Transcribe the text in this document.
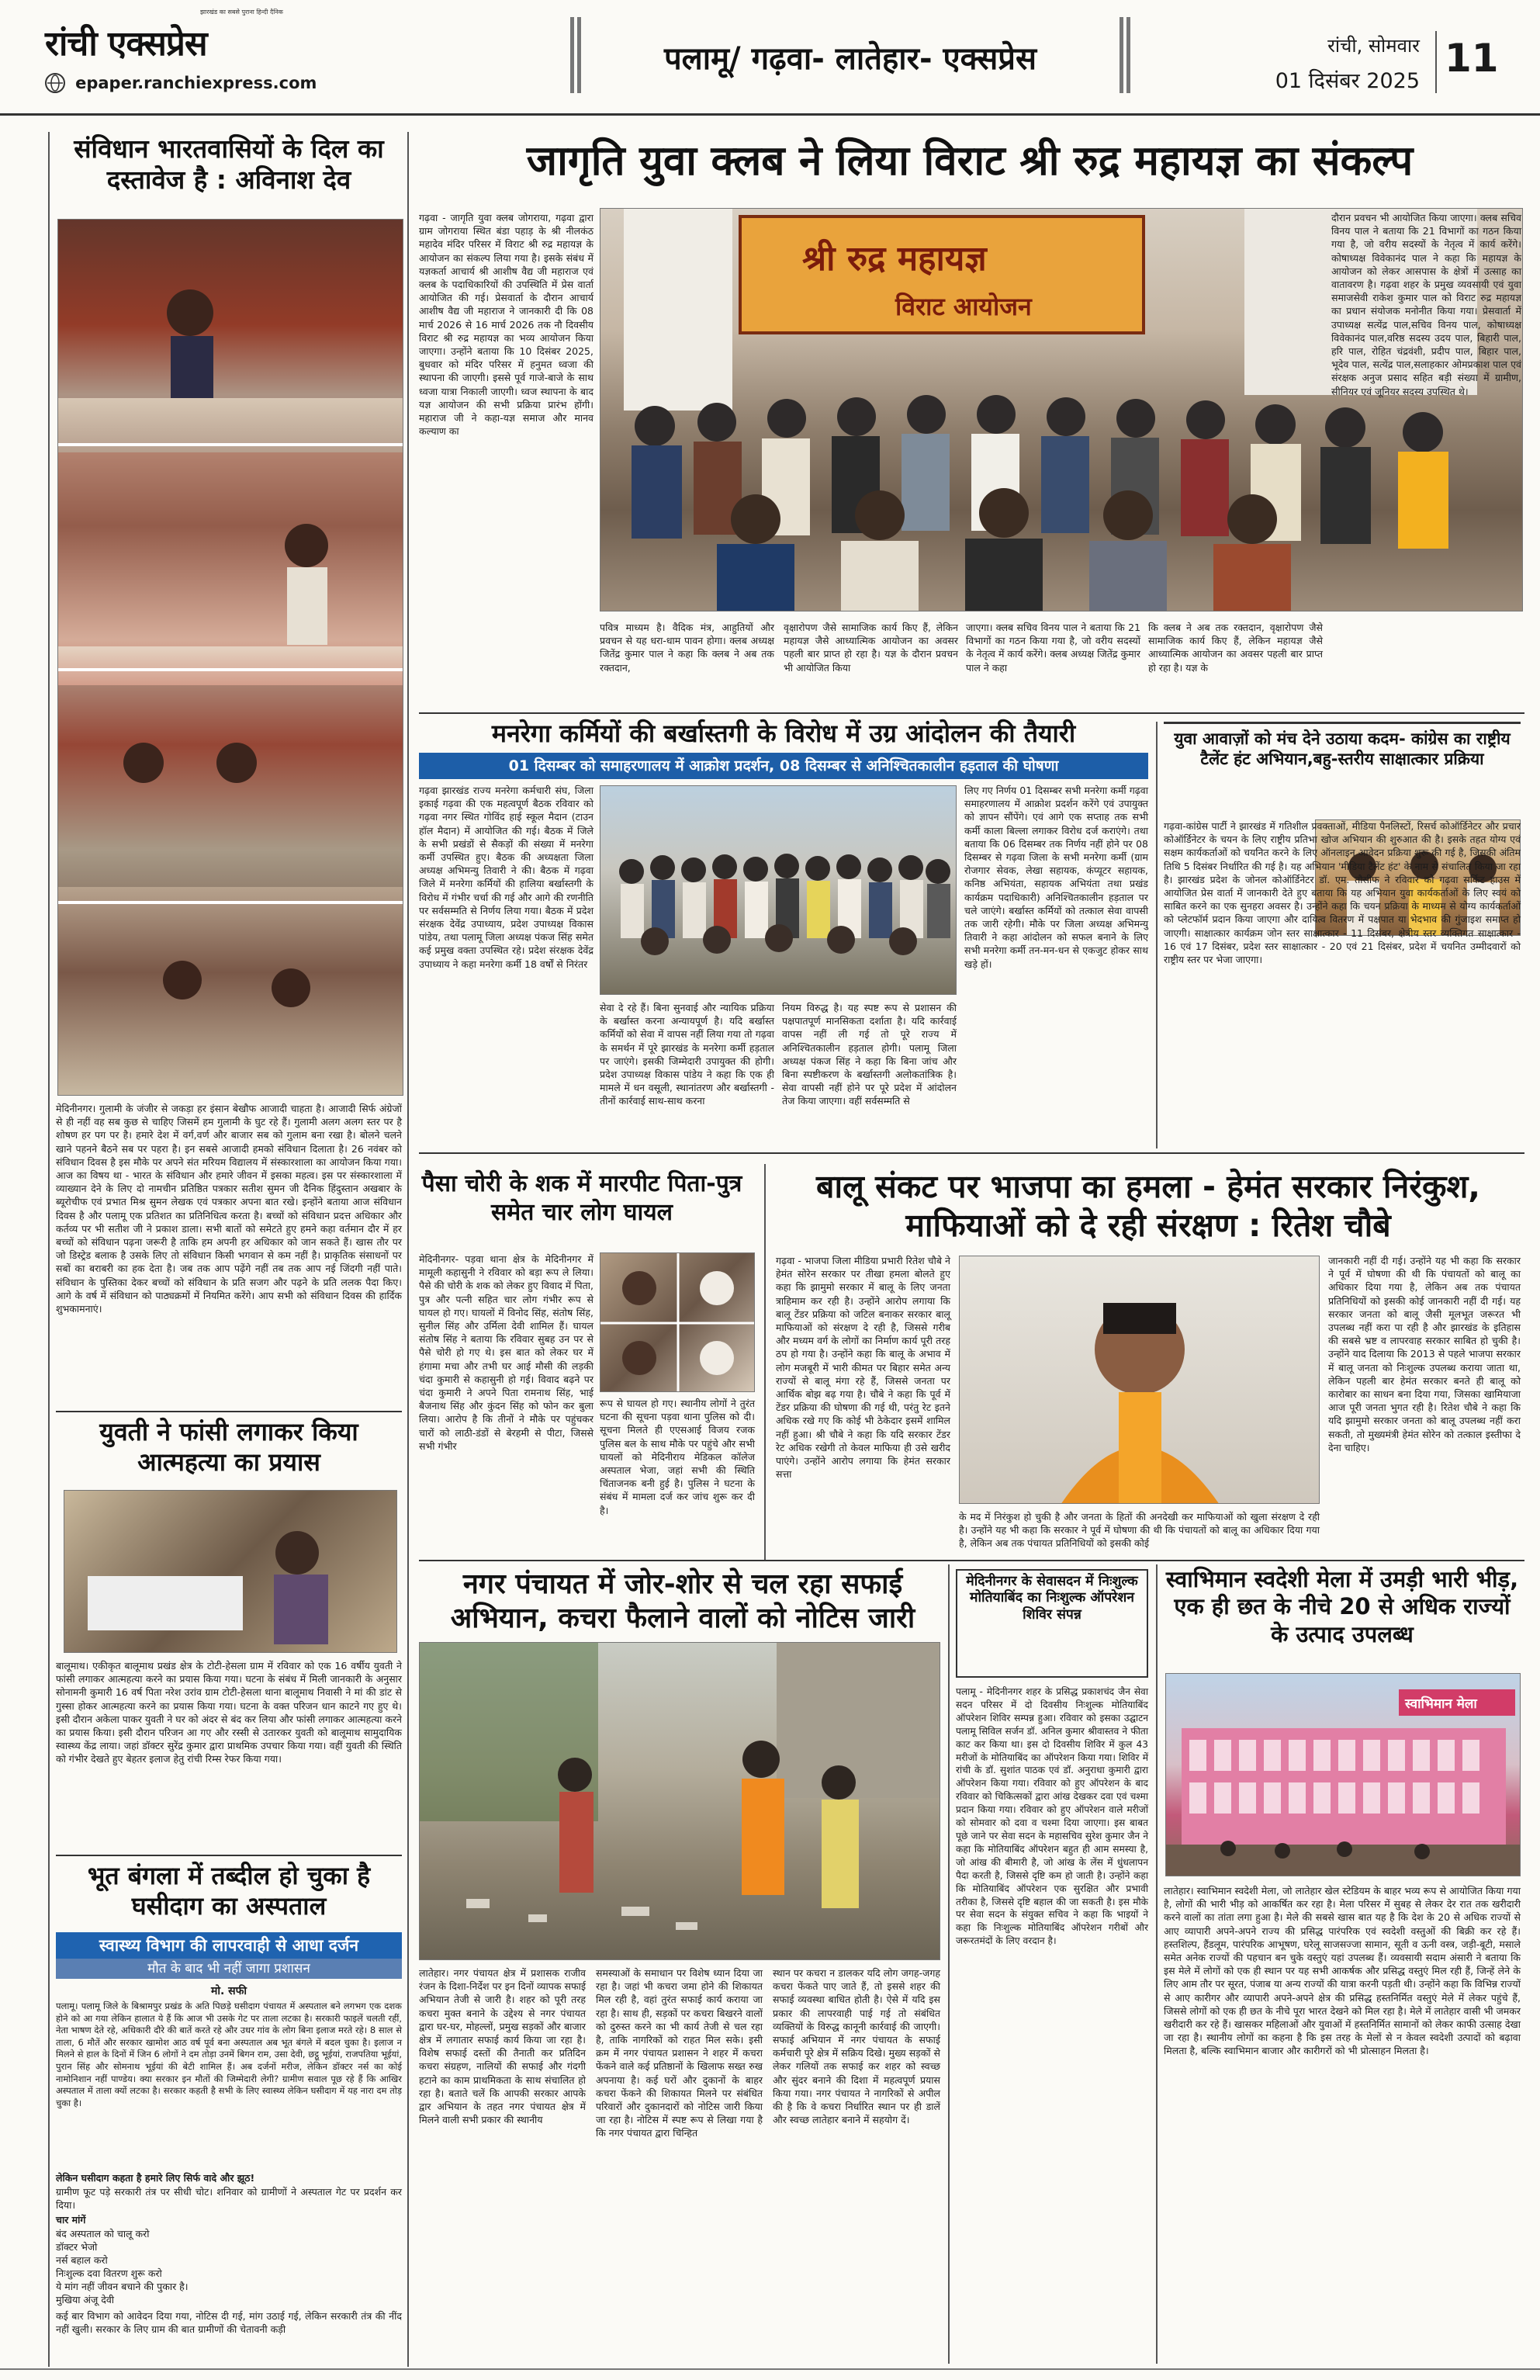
रांची एक्सप्रेस
झारखंड का सबसे पुराना हिन्दी दैनिक
epaper.ranchiexpress.com
पलामू/ गढ़वा- लातेहार- एक्सप्रेस	रांची, सोमवार
01 दिसंबर 2025
11
संविधान भारतवासियों के दिल का दस्तावेज है : अविनाश देव

मेदिनीनगर। गुलामी के जंजीर से जकड़ा हर इंसान बेखौफ आजादी चाहता है। आजादी सिर्फ अंग्रेजों से ही नहीं वह सब कुछ से चाहिए जिसमें हम गुलामी के घुट रहे हैं। गुलामी अलग अलग स्तर पर है शोषण हर पग पर है। हमारे देश में वर्ग,वर्ण और बाजार सब को गुलाम बना रखा है। बोलने चलने खाने पहनने बैठने सब पर पहरा है। इन सबसे आजादी हमको संविधान दिलाता है। 26 नवंबर को संविधान दिवस है इस मौके पर अपने संत मरियम विद्यालय में संस्कारशाला का आयोजन किया गया। आज का विषय था - भारत के संविधान और हमारे जीवन में इसका महत्व। इस पर संस्कारशाला में व्याख्यान देने के लिए दो नामचीन प्रतिष्ठित पत्रकार सतीश सुमन जी दैनिक हिंदुस्तान अखबार के ब्यूरोचीफ एवं प्रभात मिश्र सुमन लेखक एवं पत्रकार अपना बात रखे। इन्होंने बताया आज संविधान दिवस है और पलामू एक प्रतिशत का प्रतिनिधित्व करता है। बच्चों को संविधान प्रदत्त अधिकार और कर्तव्य पर भी सतीश जी ने प्रकाश डाला। सभी बातों को समेटते हुए हमने कहा वर्तमान दौर में हर बच्चों को संविधान पढ़ना जरूरी है ताकि हम अपनी हर अधिकार को जान सकते हैं। खास तौर पर जो डिस्ट्रेड बलाक है उसके लिए तो संविधान किसी भगवान से कम नहीं है। प्राकृतिक संसाधनों पर सबों का बराबरी का हक देता है। जब तक आप पढ़ेंगे नहीं तब तक आप नई जिंदगी नहीं पाते। संविधान के पुस्तिका देकर बच्चों को संविधान के प्रति सजग और पढ़ने के प्रति ललक पैदा किए। आगे के वर्ष में संविधान को पाठ्यक्रमों में नियमित करेंगे। आप सभी को संविधान दिवस की हार्दिक शुभकामनाएं।

युवती ने फांसी लगाकर किया आत्महत्या का प्रयास

बालूमाथ। एकीकृत बालूमाथ प्रखंड क्षेत्र के टोटी-हेसला ग्राम में रविवार को एक 16 वर्षीय युवती ने फांसी लगाकर आत्महत्या करने का प्रयास किया गया। घटना के संबंध में मिली जानकारी के अनुसार सोनामनी कुमारी 16 वर्ष पिता नरेश उरांव ग्राम टोटी-हेसला थाना बालूमाथ निवासी ने मां की डांट से गुस्सा होकर आत्महत्या करने का प्रयास किया गया। घटना के वक्त परिजन धान काटने गए हुए थे। इसी दौरान अकेला पाकर युवती ने घर को अंदर से बंद कर लिया और फांसी लगाकर आत्महत्या करने का प्रयास किया। इसी दौरान परिजन आ गए और रस्सी से उतारकर युवती को बालूमाथ सामुदायिक स्वास्थ्य केंद्र लाया। जहां डॉक्टर सुरेंद्र कुमार द्वारा प्राथमिक उपचार किया गया। वहीं युवती की स्थिति को गंभीर देखते हुए बेहतर इलाज हेतु रांची रिम्स रेफर किया गया।

भूत बंगला में तब्दील हो चुका है घसीदाग का अस्पताल
स्वास्थ्य विभाग की लापरवाही से आधा दर्जन
मौत के बाद भी नहीं जागा प्रशासन
मो. सफी

पलामू। पलामू जिले के बिश्रामपुर प्रखंड के अति पिछड़े घसीदाग पंचायत में अस्पताल बने लगभग एक दशक होने को आ गया लेकिन हालात ये हैं कि आज भी उसके गेट पर ताला लटका है। सरकारी फाइलें चलती रहीं, नेता भाषण देते रहे, अधिकारी दौरे की बातें करते रहे और उधर गांव के लोग बिना इलाज मरते रहे। 8 साल से ताला, 6 मौतें और सरकार खामोश आठ वर्ष पूर्व बना अस्पताल अब भूत बंगले में बदल चुका है। इलाज न मिलने से हाल के दिनों में जिन 6 लोगों ने दम तोड़ा उनमें बिगन राम, उसा देवी, छट्ठू भूईयां, राजपतिया भूईयां, पुरान सिंह और सोमनाथ भूईयां की बेटी शामिल हैं। अब दर्जनों मरीज, लेकिन डॉक्टर नर्स का कोई नामोनिशान नहीं पाण्डेय। क्या सरकार इन मौतों की जिम्मेदारी लेगी? ग्रामीण सवाल पूछ रहे हैं कि आखिर अस्पताल में ताला क्यों लटका है। सरकार कहती है सभी के लिए स्वास्थ्य लेकिन घसीदाग में यह नारा दम तोड़ चुका है।

लेकिन घसीदाग कहता है हमारे लिए सिर्फ वादे और झूठ!

ग्रामीण फूट पड़े सरकारी तंत्र पर सीधी चोट। शनिवार को ग्रामीणों ने अस्पताल गेट पर प्रदर्शन कर दिया।

चार मांगें

बंद अस्पताल को चालू करो
डॉक्टर भेजो
नर्स बहाल करो
निःशुल्क दवा वितरण शुरू करो
ये मांग नहीं जीवन बचाने की पुकार है।
मुखिया अंजू देवी

कई बार विभाग को आवेदन दिया गया, नोटिस दी गई, मांग उठाई गई, लेकिन सरकारी तंत्र की नींद नहीं खुली। सरकार के लिए ग्राम की बात ग्रामीणों की चेतावनी कड़ी

जागृति युवा क्लब ने लिया विराट श्री रुद्र महायज्ञ का संकल्प
श्री रुद्र महायज्ञ
विराट आयोजन

गढ़वा - जागृति युवा क्लब जोगराया, गढ़वा द्वारा ग्राम जोगराया स्थित बंडा पहाड़ के श्री नीलकंठ महादेव मंदिर परिसर में विराट श्री रुद्र महायज्ञ के आयोजन का संकल्प लिया गया है। इसके संबंध में यज्ञकर्ता आचार्य श्री आशीष वैद्य जी महाराज एवं क्लब के पदाधिकारियों की उपस्थिति में प्रेस वार्ता आयोजित की गई। प्रेसवार्ता के दौरान आचार्य आशीष वैद्य जी महाराज ने जानकारी दी कि 08 मार्च 2026 से 16 मार्च 2026 तक नौ दिवसीय विराट श्री रुद्र महायज्ञ का भव्य आयोजन किया जाएगा। उन्होंने बताया कि 10 दिसंबर 2025, बुधवार को मंदिर परिसर में हनुमत ध्वजा की स्थापना की जाएगी। इससे पूर्व गाजे-बाजे के साथ ध्वजा यात्रा निकाली जाएगी। ध्वज स्थापना के बाद यज्ञ आयोजन की सभी प्रक्रिया प्रारंभ होंगी। महाराज जी ने कहा-यज्ञ समाज और मानव कल्याण का

पवित्र माध्यम है। वैदिक मंत्र, आहुतियों और प्रवचन से यह धरा-धाम पावन होगा। क्लब अध्यक्ष जितेंद्र कुमार पाल ने कहा कि क्लब ने अब तक रक्तदान,

वृक्षारोपण जैसे सामाजिक कार्य किए हैं, लेकिन महायज्ञ जैसे आध्यात्मिक आयोजन का अवसर पहली बार प्राप्त हो रहा है। यज्ञ के दौरान प्रवचन भी आयोजित किया

जाएगा। क्लब सचिव विनय पाल ने बताया कि 21 विभागों का गठन किया गया है, जो वरीय सदस्यों के नेतृत्व में कार्य करेंगे। क्लब अध्यक्ष जितेंद्र कुमार पाल ने कहा

कि क्लब ने अब तक रक्तदान, वृक्षारोपण जैसे सामाजिक कार्य किए हैं, लेकिन महायज्ञ जैसे आध्यात्मिक आयोजन का अवसर पहली बार प्राप्त हो रहा है। यज्ञ के

दौरान प्रवचन भी आयोजित किया जाएगा। क्लब सचिव विनय पाल ने बताया कि 21 विभागों का गठन किया गया है, जो वरीय सदस्यों के नेतृत्व में कार्य करेंगे। कोषाध्यक्ष विवेकानंद पाल ने कहा कि महायज्ञ के आयोजन को लेकर आसपास के क्षेत्रों में उत्साह का वातावरण है। गढ़वा शहर के प्रमुख व्यवसायी एवं युवा समाजसेवी राकेश कुमार पाल को विराट रुद्र महायज्ञ का प्रधान संयोजक मनोनीत किया गया। प्रेसवार्ता में उपाध्यक्ष सत्येंद्र पाल,सचिव विनय पाल, कोषाध्यक्ष विवेकानंद पाल,वरिष्ठ सदस्य उदय पाल, बिहारी पाल, हरि पाल, रोहित चंद्रवंशी, प्रदीप पाल, बिहार पाल, भूदेव पाल, सत्येंद्र पाल,सलाहकार ओमप्रकाश पाल एवं संरक्षक अनुज प्रसाद सहित बड़ी संख्या में ग्रामीण, सीनियर एवं जूनियर सदस्य उपस्थित थे।

मनरेगा कर्मियों की बर्खास्तगी के विरोध में उग्र आंदोलन की तैयारी
01 दिसम्बर को समाहरणालय में आक्रोश प्रदर्शन, 08 दिसम्बर से अनिश्चितकालीन हड़ताल की घोषणा

गढ़वा झारखंड राज्य मनरेगा कर्मचारी संघ, जिला इकाई गढ़वा की एक महत्वपूर्ण बैठक रविवार को गढ़वा नगर स्थित गोविंद हाई स्कूल मैदान (टाउन हॉल मैदान) में आयोजित की गई। बैठक में जिले के सभी प्रखंडों से सैकड़ों की संख्या में मनरेगा कर्मी उपस्थित हुए। बैठक की अध्यक्षता जिला अध्यक्ष अभिमन्यु तिवारी ने की। बैठक में गढ़वा जिले में मनरेगा कर्मियों की हालिया बर्खास्तगी के विरोध में गंभीर चर्चा की गई और आगे की रणनीति पर सर्वसम्मति से निर्णय लिया गया। बैठक में प्रदेश संरक्षक देवेंद्र उपाध्याय, प्रदेश उपाध्यक्ष विकास पांडेय, तथा पलामू जिला अध्यक्ष पंकज सिंह समेत कई प्रमुख वक्ता उपस्थित रहे। प्रदेश संरक्षक देवेंद्र उपाध्याय ने कहा मनरेगा कर्मी 18 वर्षों से निरंतर

सेवा दे रहे हैं। बिना सुनवाई और न्यायिक प्रक्रिया के बर्खास्त करना अन्यायपूर्ण है। यदि बर्खास्त कर्मियों को सेवा में वापस नहीं लिया गया तो गढ़वा के समर्थन में पूरे झारखंड के मनरेगा कर्मी हड़ताल पर जाएंगे। इसकी जिम्मेदारी उपायुक्त की होगी। प्रदेश उपाध्यक्ष विकास पांडेय ने कहा कि एक ही मामले में धन वसूली, स्थानांतरण और बर्खास्तगी - तीनों कार्रवाई साथ-साथ करना

नियम विरुद्ध है। यह स्पष्ट रूप से प्रशासन की पक्षपातपूर्ण मानसिकता दर्शाता है। यदि कार्रवाई वापस नहीं ली गई तो पूरे राज्य में अनिश्चितकालीन हड़ताल होगी। पलामू जिला अध्यक्ष पंकज सिंह ने कहा कि बिना जांच और बिना स्पष्टीकरण के बर्खास्तगी अलोकतांत्रिक है। सेवा वापसी नहीं होने पर पूरे प्रदेश में आंदोलन तेज किया जाएगा। वहीं सर्वसम्मति से

लिए गए निर्णय 01 दिसम्बर सभी मनरेगा कर्मी गढ़वा समाहरणालय में आक्रोश प्रदर्शन करेंगे एवं उपायुक्त को ज्ञापन सौंपेंगे। एवं आगे एक सप्ताह तक सभी कर्मी काला बिल्ला लगाकर विरोध दर्ज कराएंगे। तथा बताया कि 06 दिसम्बर तक निर्णय नहीं होने पर 08 दिसम्बर से गढ़वा जिला के सभी मनरेगा कर्मी (ग्राम रोजगार सेवक, लेखा सहायक, कंप्यूटर सहायक, कनिष्ठ अभियंता, सहायक अभियंता तथा प्रखंड कार्यक्रम पदाधिकारी) अनिश्चितकालीन हड़ताल पर चले जाएंगे। बर्खास्त कर्मियों को तत्काल सेवा वापसी तक जारी रहेगी। मौके पर जिला अध्यक्ष अभिमन्यु तिवारी ने कहा आंदोलन को सफल बनाने के लिए सभी मनरेगा कर्मी तन-मन-धन से एकजुट होकर साथ खड़े हों।

युवा आवाज़ों को मंच देने उठाया कदम- कांग्रेस का राष्ट्रीय टैलेंट हंट अभियान,बहु-स्तरीय साक्षात्कार प्रक्रिया

गढ़वा-कांग्रेस पार्टी ने झारखंड में गतिशील प्रवक्ताओं, मीडिया पैनलिस्टों, रिसर्च कोऑर्डिनेटर और प्रचार कोऑर्डिनेटर के चयन के लिए राष्ट्रीय प्रतिभा खोज अभियान की शुरुआत की है। इसके तहत योग्य एवं सक्षम कार्यकर्ताओं को चयनित करने के लिए ऑनलाइन आवेदन प्रक्रिया शुरू की गई है, जिसकी अंतिम तिथि 5 दिसंबर निर्धारित की गई है। यह अभियान 'मीडिया टैलेंट हंट' के नाम से संचालित किया जा रहा है। झारखंड प्रदेश के जोनल कोऑर्डिनेटर डॉ. एम. तौसीफ ने रविवार को गढ़वा सर्किट हाउस में आयोजित प्रेस वार्ता में जानकारी देते हुए बताया कि यह अभियान युवा कार्यकर्ताओं के लिए स्वयं को साबित करने का एक सुनहरा अवसर है। उन्होंने कहा कि चयन प्रक्रिया के माध्यम से योग्य कार्यकर्ताओं को प्लेटफॉर्म प्रदान किया जाएगा और दायित्व वितरण में पक्षपात या भेदभाव की गुंजाइश समाप्त हो जाएगी। साक्षात्कार कार्यक्रम जोन स्तर साक्षात्कार - 11 दिसंबर, क्षेत्रीय स्तर व्यक्तिगत साक्षात्कार - 16 एवं 17 दिसंबर, प्रदेश स्तर साक्षात्कार - 20 एवं 21 दिसंबर, प्रदेश में चयनित उम्मीदवारों को राष्ट्रीय स्तर पर भेजा जाएगा।

पैसा चोरी के शक में मारपीट पिता-पुत्र समेत चार लोग घायल

मेदिनीनगर- पड़वा थाना क्षेत्र के मेदिनीनगर में मामूली कहासुनी ने रविवार को बड़ा रूप ले लिया। पैसे की चोरी के शक को लेकर हुए विवाद में पिता, पुत्र और पत्नी सहित चार लोग गंभीर रूप से घायल हो गए। घायलों में विनोद सिंह, संतोष सिंह, सुनील सिंह और उर्मिला देवी शामिल हैं। घायल संतोष सिंह ने बताया कि रविवार सुबह उन पर से पैसे चोरी हो गए थे। इस बात को लेकर घर में हंगामा मचा और तभी घर आई मौसी की लड़की चंदा कुमारी से कहासुनी हो गई। विवाद बढ़ने पर चंदा कुमारी ने अपने पिता रामनाथ सिंह, भाई बैजनाथ सिंह और कुंदन सिंह को फोन कर बुला लिया। आरोप है कि तीनों ने मौके पर पहुंचकर चारों को लाठी-डंडों से बेरहमी से पीटा, जिससे सभी गंभीर

रूप से घायल हो गए। स्थानीय लोगों ने तुरंत घटना की सूचना पड़वा थाना पुलिस को दी। सूचना मिलते ही एएसआई विजय रजक पुलिस बल के साथ मौके पर पहुंचे और सभी घायलों को मेदिनीराय मेडिकल कॉलेज अस्पताल भेजा, जहां सभी की स्थिति चिंताजनक बनी हुई है। पुलिस ने घटना के संबंध में मामला दर्ज कर जांच शुरू कर दी है।

बालू संकट पर भाजपा का हमला - हेमंत सरकार निरंकुश, माफियाओं को दे रही संरक्षण : रितेश चौबे

गढ़वा - भाजपा जिला मीडिया प्रभारी रितेश चौबे ने हेमंत सोरेन सरकार पर तीखा हमला बोलते हुए कहा कि झामुमो सरकार में बालू के लिए जनता त्राहिमाम कर रही है। उन्होंने आरोप लगाया कि बालू टेंडर प्रक्रिया को जटिल बनाकर सरकार बालू माफियाओं को संरक्षण दे रही है, जिससे गरीब और मध्यम वर्ग के लोगों का निर्माण कार्य पूरी तरह ठप हो गया है। उन्होंने कहा कि बालू के अभाव में लोग मजबूरी में भारी कीमत पर बिहार समेत अन्य राज्यों से बालू मंगा रहे हैं, जिससे जनता पर आर्थिक बोझ बढ़ गया है। चौबे ने कहा कि पूर्व में टेंडर प्रक्रिया की घोषणा की गई थी, परंतु रेट इतने अधिक रखे गए कि कोई भी ठेकेदार इसमें शामिल नहीं हुआ। श्री चौबे ने कहा कि यदि सरकार टेंडर रेट अधिक रखेगी तो केवल माफिया ही उसे खरीद पाएंगे। उन्होंने आरोप लगाया कि हेमंत सरकार सत्ता

के मद में निरंकुश हो चुकी है और जनता के हितों की अनदेखी कर माफियाओं को खुला संरक्षण दे रही है। उन्होंने यह भी कहा कि सरकार ने पूर्व में घोषणा की थी कि पंचायतों को बालू का अधिकार दिया गया है, लेकिन अब तक पंचायत प्रतिनिधियों को इसकी कोई

जानकारी नहीं दी गई। उन्होंने यह भी कहा कि सरकार ने पूर्व में घोषणा की थी कि पंचायतों को बालू का अधिकार दिया गया है, लेकिन अब तक पंचायत प्रतिनिधियों को इसकी कोई जानकारी नहीं दी गई। यह सरकार जनता को बालू जैसी मूलभूत जरूरत भी उपलब्ध नहीं करा पा रही है और झारखंड के इतिहास की सबसे भ्रष्ट व लापरवाह सरकार साबित हो चुकी है। उन्होंने याद दिलाया कि 2013 से पहले भाजपा सरकार में बालू जनता को निःशुल्क उपलब्ध कराया जाता था, लेकिन पहली बार हेमंत सरकार बनते ही बालू को कारोबार का साधन बना दिया गया, जिसका खामियाजा आज पूरी जनता भुगत रही है। रितेश चौबे ने कहा कि यदि झामुमो सरकार जनता को बालू उपलब्ध नहीं करा सकती, तो मुख्यमंत्री हेमंत सोरेन को तत्काल इस्तीफा दे देना चाहिए।

नगर पंचायत में जोर-शोर से चल रहा सफाई अभियान, कचरा फैलाने वालों को नोटिस जारी

लातेहार। नगर पंचायत क्षेत्र में प्रशासक राजीव रंजन के दिशा-निर्देश पर इन दिनों व्यापक सफाई अभियान तेजी से जारी है। शहर को पूरी तरह कचरा मुक्त बनाने के उद्देश्य से नगर पंचायत द्वारा घर-घर, मोहल्लों, प्रमुख सड़कों और बाजार क्षेत्र में लगातार सफाई कार्य किया जा रहा है। विशेष सफाई दस्तों की तैनाती कर प्रतिदिन कचरा संग्रहण, नालियों की सफाई और गंदगी हटाने का काम प्राथमिकता के साथ संचालित हो रहा है। बताते चलें कि आपकी सरकार आपके द्वार अभियान के तहत नगर पंचायत क्षेत्र में मिलने वाली सभी प्रकार की स्थानीय

समस्याओं के समाधान पर विशेष ध्यान दिया जा रहा है। जहां भी कचरा जमा होने की शिकायत मिल रही है, वहां तुरंत सफाई कार्य कराया जा रहा है। साथ ही, सड़कों पर कचरा बिखरने वालों को दुरुस्त करने का भी कार्य तेजी से चल रहा है, ताकि नागरिकों को राहत मिल सके। इसी क्रम में नगर पंचायत प्रशासन ने शहर में कचरा फेंकने वाले कई प्रतिष्ठानों के खिलाफ सख्त रुख अपनाया है। कई घरों और दुकानों के बाहर कचरा फेंकने की शिकायत मिलने पर संबंधित परिवारों और दुकानदारों को नोटिस जारी किया जा रहा है। नोटिस में स्पष्ट रूप से लिखा गया है कि नगर पंचायत द्वारा चिन्हित

स्थान पर कचरा न डालकर यदि लोग जगह-जगह कचरा फेंकते पाए जाते हैं, तो इससे शहर की सफाई व्यवस्था बाधित होती है। ऐसे में यदि इस प्रकार की लापरवाही पाई गई तो संबंधित व्यक्तियों के विरुद्ध कानूनी कार्रवाई की जाएगी। सफाई अभियान में नगर पंचायत के सफाई कर्मचारी पूरे क्षेत्र में सक्रिय दिखे। मुख्य सड़कों से लेकर गलियों तक सफाई कर शहर को स्वच्छ और सुंदर बनाने की दिशा में महत्वपूर्ण प्रयास किया गया। नगर पंचायत ने नागरिकों से अपील की है कि वे कचरा निर्धारित स्थान पर ही डालें और स्वच्छ लातेहार बनाने में सहयोग दें।

मेदिनीनगर के सेवासदन में निःशुल्क मोतियाबिंद का निःशुल्क ऑपरेशन शिविर संपन्न

पलामू - मेदिनीनगर शहर के प्रसिद्ध प्रकाशचंद जैन सेवा सदन परिसर में दो दिवसीय निःशुल्क मोतियाबिंद ऑपरेशन शिविर सम्पन्न हुआ। रविवार को इसका उद्घाटन पलामू सिविल सर्जन डॉ. अनिल कुमार श्रीवास्तव ने फीता काट कर किया था। इस दो दिवसीय शिविर में कुल 43 मरीजों के मोतियाबिंद का ऑपरेशन किया गया। शिविर में रांची के डॉ. सुशांत पाठक एवं डॉ. अनुराधा कुमारी द्वारा ऑपरेशन किया गया। रविवार को हुए ऑपरेशन के बाद रविवार को चिकित्सकों द्वारा आंख देखकर दवा एवं चश्मा प्रदान किया गया। रविवार को हुए ऑपरेशन वाले मरीजों को सोमवार को दवा व चश्मा दिया जाएगा। इस बाबत पूछे जाने पर सेवा सदन के महासचिव सुरेश कुमार जैन ने कहा कि मोतियाबिंद ऑपरेशन बहुत ही आम समस्या है, जो आंख की बीमारी है, जो आंख के लेंस में धुंधलापन पैदा करती है, जिससे दृष्टि कम हो जाती है। उन्होंने कहा कि मोतियाबिंद ऑपरेशन एक सुरक्षित और प्रभावी तरीका है, जिससे दृष्टि बहाल की जा सकती है। इस मौके पर सेवा सदन के संयुक्त सचिव ने कहा कि भाइयों ने कहा कि निःशुल्क मोतियाबिंद ऑपरेशन गरीबों और जरूरतमंदों के लिए वरदान है।

स्वाभिमान स्वदेशी मेला में उमड़ी भारी भीड़, एक ही छत के नीचे 20 से अधिक राज्यों के उत्पाद उपलब्ध
स्वाभिमान मेला

लातेहार। स्वाभिमान स्वदेशी मेला, जो लातेहार खेल स्टेडियम के बाहर भव्य रूप से आयोजित किया गया है, लोगों की भारी भीड़ को आकर्षित कर रहा है। मेला परिसर में सुबह से लेकर देर रात तक खरीदारी करने वालों का तांता लगा हुआ है। मेले की सबसे खास बात यह है कि देश के 20 से अधिक राज्यों से आए व्यापारी अपने-अपने राज्य की प्रसिद्ध पारंपरिक एवं स्वदेशी वस्तुओं की बिक्री कर रहे हैं। हस्तशिल्प, हैंडलूम, पारंपरिक आभूषण, घरेलू साजसज्जा सामान, सूती व ऊनी वस्त्र, जड़ी-बूटी, मसाले समेत अनेक राज्यों की पहचान बन चुके वस्तुएं यहां उपलब्ध हैं। व्यवसायी सदाम अंसारी ने बताया कि इस मेले में लोगों को एक ही स्थान पर यह सभी आकर्षक और प्रसिद्ध वस्तुएं मिल रही हैं, जिन्हें लेने के लिए आम तौर पर सूरत, पंजाब या अन्य राज्यों की यात्रा करनी पड़ती थी। उन्होंने कहा कि विभिन्न राज्यों से आए कारीगर और व्यापारी अपने-अपने क्षेत्र की प्रसिद्ध हस्तनिर्मित वस्तुएं मेले में लेकर पहुंचे हैं, जिससे लोगों को एक ही छत के नीचे पूरा भारत देखने को मिल रहा है। मेले में लातेहार वासी भी जमकर खरीदारी कर रहे हैं। खासकर महिलाओं और युवाओं में हस्तनिर्मित सामानों को लेकर काफी उत्साह देखा जा रहा है। स्थानीय लोगों का कहना है कि इस तरह के मेलों से न केवल स्वदेशी उत्पादों को बढ़ावा मिलता है, बल्कि स्वाभिमान बाजार और कारीगरों को भी प्रोत्साहन मिलता है।
